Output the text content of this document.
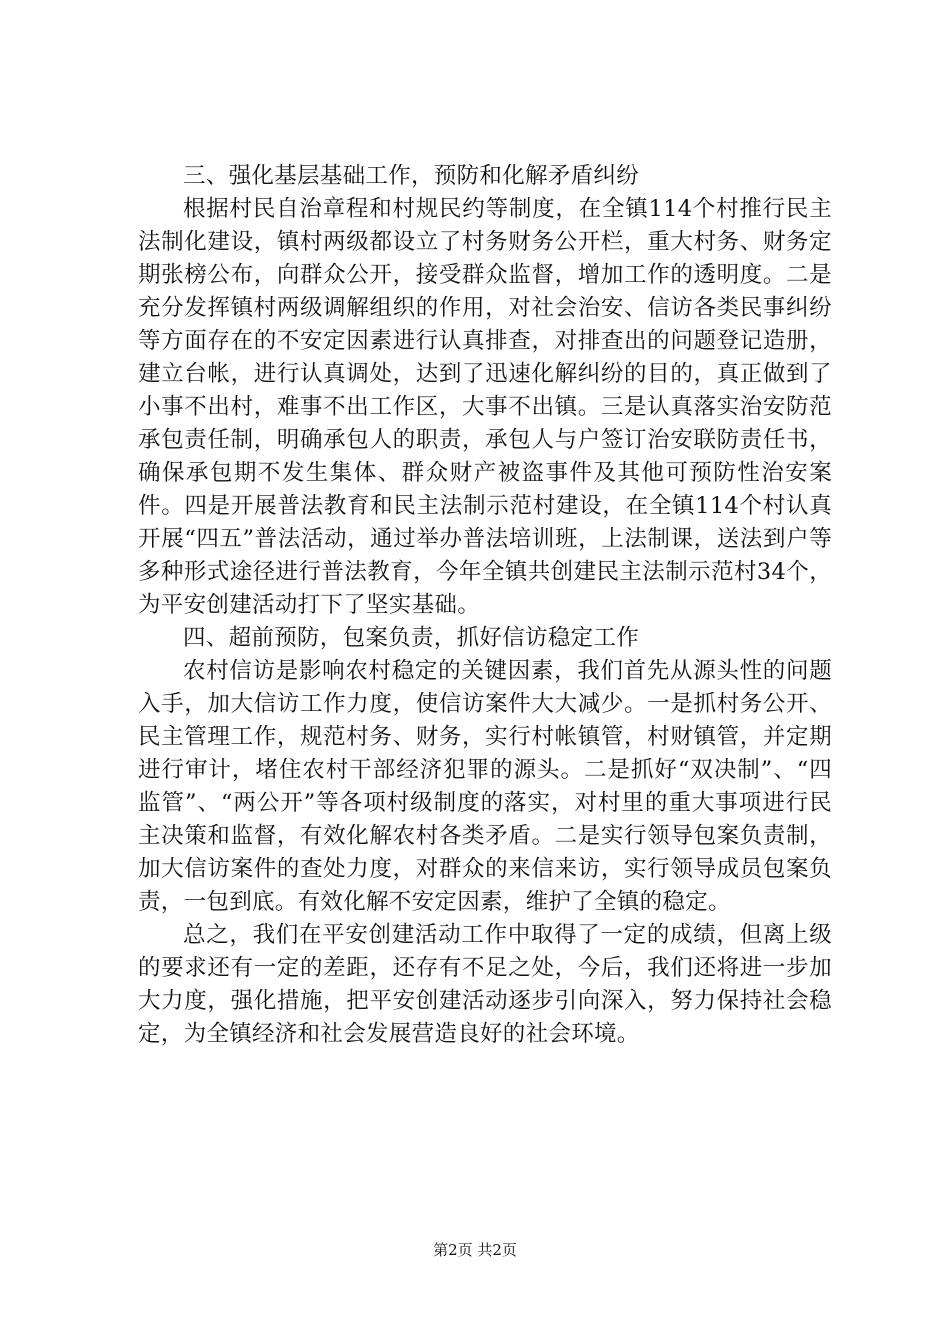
三、强化基层基础工作，预防和化解矛盾纠纷

根据村民自治章程和村规民约等制度，在全镇114个村推行民主法制化建设，镇村两级都设立了村务财务公开栏，重大村务、财务定期张榜公布，向群众公开，接受群众监督，增加工作的透明度。二是充分发挥镇村两级调解组织的作用，对社会治安、信访各类民事纠纷等方面存在的不安定因素进行认真排查，对排查出的问题登记造册，建立台帐，进行认真调处，达到了迅速化解纠纷的目的，真正做到了小事不出村，难事不出工作区，大事不出镇。三是认真落实治安防范承包责任制，明确承包人的职责，承包人与户签订治安联防责任书，确保承包期不发生集体、群众财产被盗事件及其他可预防性治安案件。四是开展普法教育和民主法制示范村建设，在全镇114个村认真开展“四五”普法活动，通过举办普法培训班，上法制课，送法到户等多种形式途径进行普法教育，今年全镇共创建民主法制示范村34个，为平安创建活动打下了坚实基础。

四、超前预防，包案负责，抓好信访稳定工作

农村信访是影响农村稳定的关键因素，我们首先从源头性的问题入手，加大信访工作力度，使信访案件大大减少。一是抓村务公开、民主管理工作，规范村务、财务，实行村帐镇管，村财镇管，并定期进行审计，堵住农村干部经济犯罪的源头。二是抓好“双决制”、“四监管”、“两公开”等各项村级制度的落实，对村里的重大事项进行民主决策和监督，有效化解农村各类矛盾。二是实行领导包案负责制，加大信访案件的查处力度，对群众的来信来访，实行领导成员包案负责，一包到底。有效化解不安定因素，维护了全镇的稳定。

总之，我们在平安创建活动工作中取得了一定的成绩，但离上级的要求还有一定的差距，还存有不足之处，今后，我们还将进一步加大力度，强化措施，把平安创建活动逐步引向深入，努力保持社会稳定，为全镇经济和社会发展营造良好的社会环境。

第2页 共2页
